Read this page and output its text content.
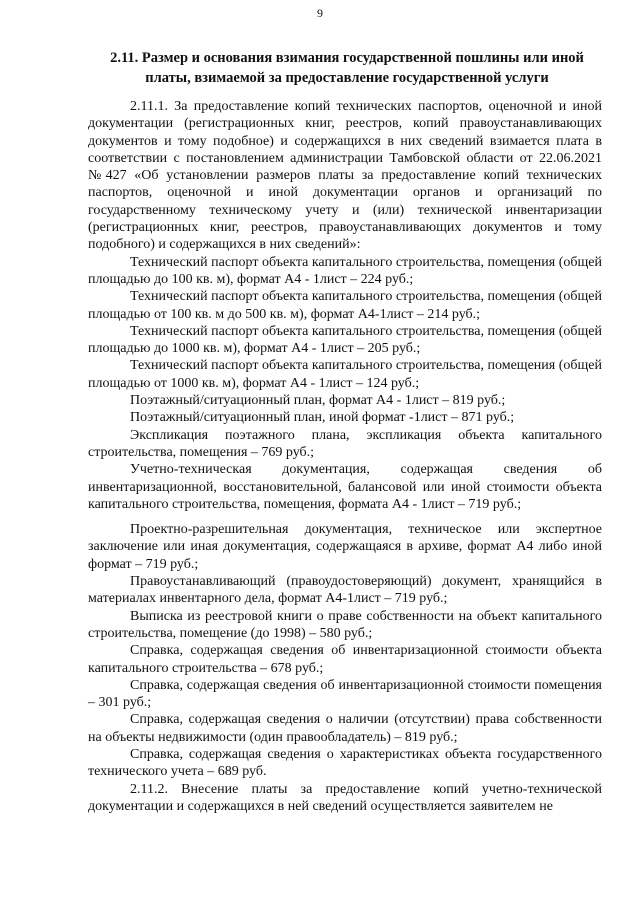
9
2.11. Размер и основания взимания государственной пошлины или иной платы, взимаемой за предоставление государственной услуги

2.11.1. За предоставление копий технических паспортов, оценочной и иной документации (регистрационных книг, реестров, копий правоустанавливающих документов и тому подобное) и содержащихся в них сведений взимается плата в соответствии с постановлением администрации Тамбовской области от 22.06.2021 №427 «Об установлении размеров платы за предоставление копий технических паспортов, оценочной и иной документации органов и организаций по государственному техническому учету и (или) технической инвентаризации (регистрационных книг, реестров, правоустанавливающих документов и тому подобного) и содержащихся в них сведений»:

Технический паспорт объекта капитального строительства, помещения (общей площадью до 100 кв. м), формат А4 - 1лист – 224 руб.;

Технический паспорт объекта капитального строительства, помещения (общей площадью от 100 кв. м до 500 кв. м), формат А4-1лист – 214 руб.;

Технический паспорт объекта капитального строительства, помещения (общей площадью до 1000 кв. м), формат А4 - 1лист – 205 руб.;

Технический паспорт объекта капитального строительства, помещения (общей площадью от 1000 кв. м), формат А4 - 1лист – 124 руб.;

Поэтажный/ситуационный план, формат А4 - 1лист – 819 руб.;

Поэтажный/ситуационный план, иной формат -1лист – 871 руб.;

Экспликация поэтажного плана, экспликация объекта капитального строительства, помещения – 769 руб.;

Учетно-техническая документация, содержащая сведения об инвентаризационной, восстановительной, балансовой или иной стоимости объекта капитального строительства, помещения, формата А4 - 1лист – 719 руб.;

Проектно-разрешительная документация, техническое или экспертное заключение или иная документация, содержащаяся в архиве, формат А4 либо иной формат – 719 руб.;

Правоустанавливающий (правоудостоверяющий) документ, хранящийся в материалах инвентарного дела, формат А4-1лист – 719 руб.;

Выписка из реестровой книги о праве собственности на объект капитального строительства, помещение (до 1998) – 580 руб.;

Справка, содержащая сведения об инвентаризационной стоимости объекта капитального строительства – 678 руб.;

Справка, содержащая сведения об инвентаризационной стоимости помещения – 301 руб.;

Справка, содержащая сведения о наличии (отсутствии) права собственности на объекты недвижимости (один правообладатель) – 819 руб.;

Справка, содержащая сведения о характеристиках объекта государственного технического учета – 689 руб.

2.11.2. Внесение платы за предоставление копий учетно-технической документации и содержащихся в ней сведений осуществляется заявителем не
